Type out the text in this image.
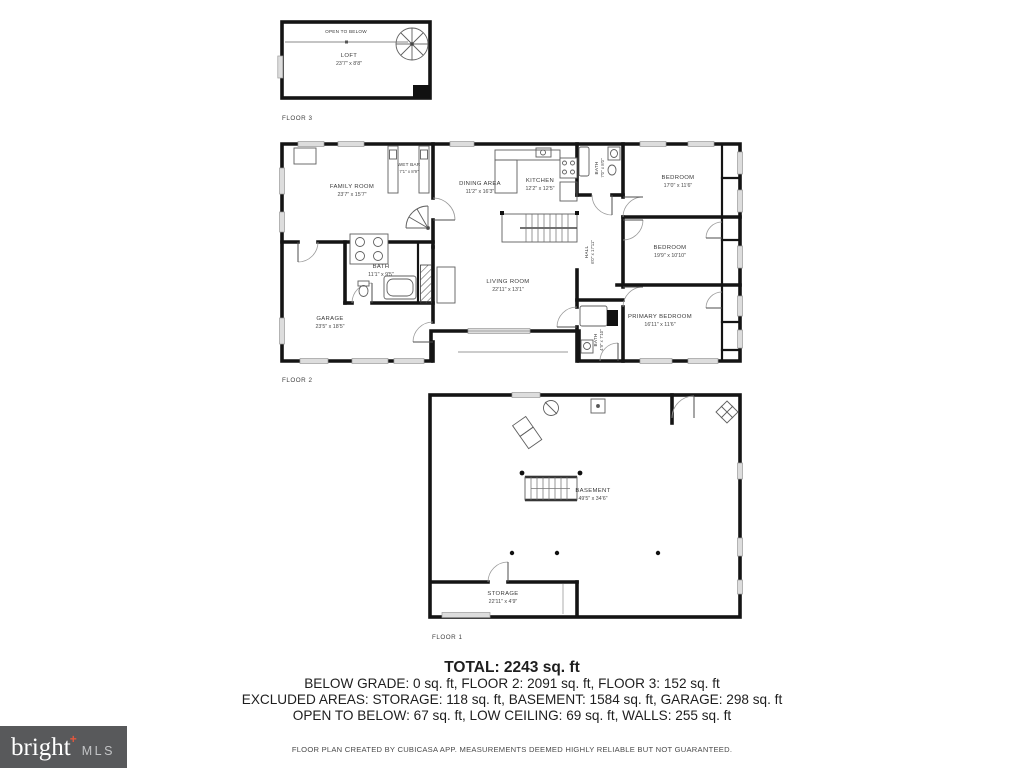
OPEN TO BELOW
LOFT
23'7" x 8'8"
FLOOR 3
FAMILY ROOM
23'7" x 15'7"
WET BAR
7'1" x 8'9"
DINING AREA
11'2" x 16'3"
KITCHEN
12'2" x 12'5"
BATH 7'0" x 8'0"
BEDROOM
17'0" x 11'6"
BEDROOM
19'9" x 10'10"
PRIMARY BEDROOM
16'11" x 11'6"
HALL 6'0" x 17'11"
LIVING ROOM
22'11" x 13'1"
BATH
11'1" x 9'5"
GARAGE
23'5" x 18'5"
BATH 4'9" x 7'10"
FLOOR 2
BASEMENT
49'5" x 34'6"
STORAGE
22'11" x 4'9"
FLOOR 1
TOTAL: 2243 sq. ft
BELOW GRADE: 0 sq. ft, FLOOR 2: 2091 sq. ft, FLOOR 3: 152 sq. ft
EXCLUDED AREAS: STORAGE: 118 sq. ft, BASEMENT: 1584 sq. ft, GARAGE: 298 sq. ft
OPEN TO BELOW: 67 sq. ft, LOW CEILING: 69 sq. ft, WALLS: 255 sq. ft
FLOOR PLAN CREATED BY CUBICASA APP. MEASUREMENTS DEEMED HIGHLY RELIABLE BUT NOT GUARANTEED.
bright +
MLS
